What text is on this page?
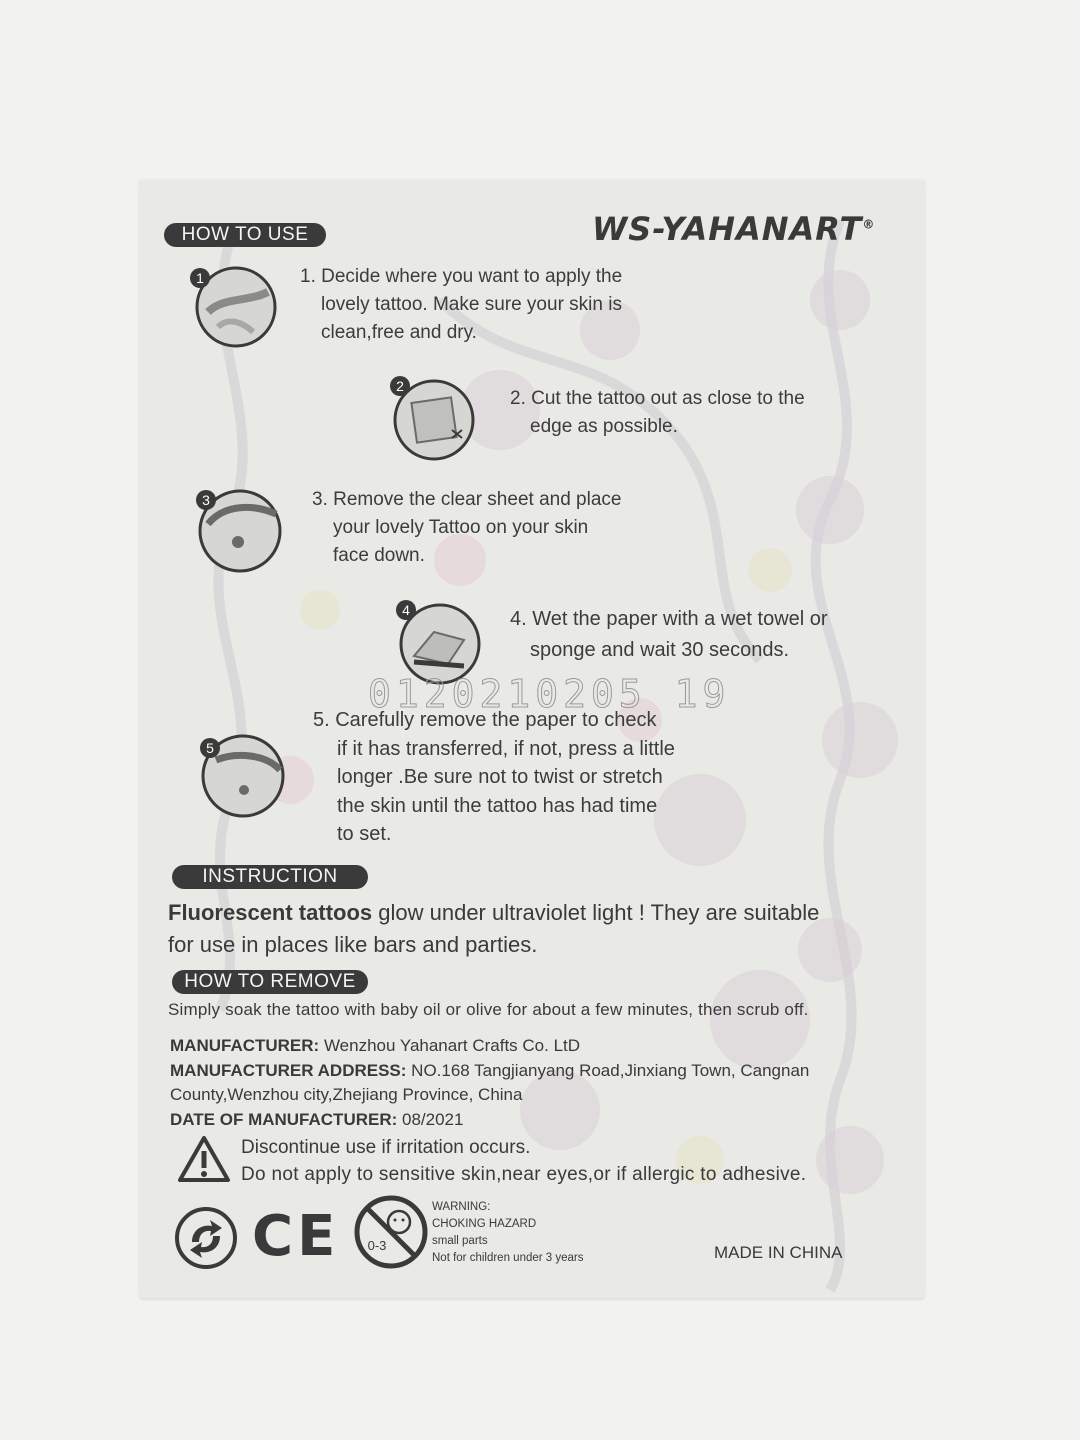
HOW TO USE	WS-YAHANART®
1	1. Decide where you want to apply the
lovely tattoo. Make sure your skin is
clean,free and dry.
2
2. Cut the tattoo out as close to the
edge as possible.
3	3. Remove the clear sheet and place
your lovely Tattoo on your skin
face down.
4	4. Wet the paper with a wet towel or
sponge and wait 30 seconds.
0120210205 19
5
5. Carefully remove the paper to check
if it has transferred, if not, press a little
longer .Be sure not to twist or stretch
the skin until the tattoo has had time
to set.
INSTRUCTION
Fluorescent tattoos glow under ultraviolet light ! They are suitable
for use in places like bars and parties.
HOW TO REMOVE
Simply soak the tattoo with baby oil or olive for about a few minutes, then scrub off.
MANUFACTURER: Wenzhou Yahanart Crafts Co. LtD
MANUFACTURER ADDRESS: NO.168 Tangjianyang Road,Jinxiang Town, Cangnan
County,Wenzhou city,Zhejiang Province, China
DATE OF MANUFACTURER: 08/2021
Discontinue use if irritation occurs.
Do not apply to sensitive skin,near eyes,or if allergic to adhesive.
CE 0-3
WARNING:
CHOKING HAZARD
small parts
Not for children under 3 years	MADE IN CHINA
